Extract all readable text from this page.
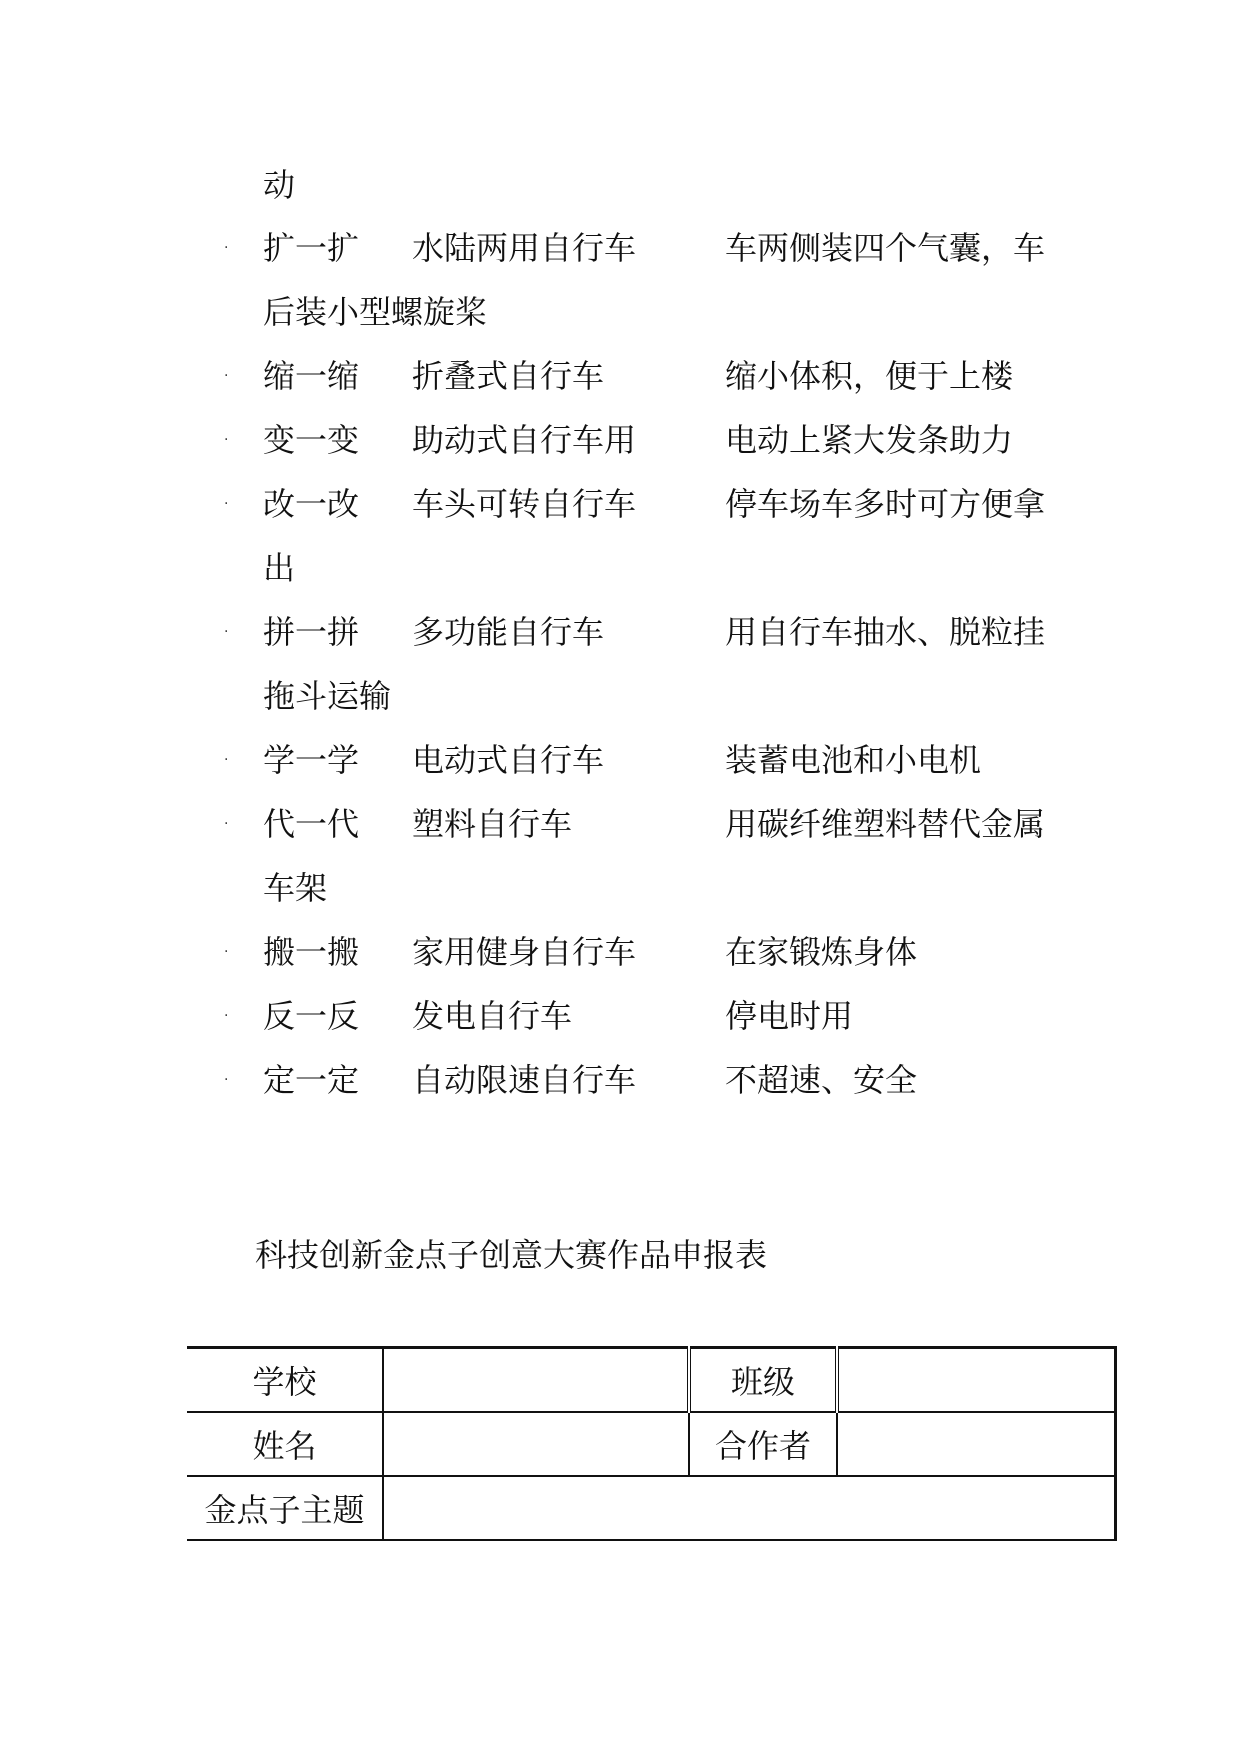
动
· 扩一扩 水陆两用自行车	车两侧装四个气囊，车
后装小型螺旋桨
· 缩一缩 折叠式自行车	缩小体积，便于上楼
· 变一变 助动式自行车用	电动上紧大发条助力
· 改一改 车头可转自行车	停车场车多时可方便拿
出
· 拼一拼 多功能自行车	用自行车抽水、脱粒挂
拖斗运输
· 学一学 电动式自行车	装蓄电池和小电机
· 代一代 塑料自行车	用碳纤维塑料替代金属
车架
· 搬一搬 家用健身自行车	在家锻炼身体
· 反一反 发电自行车	停电时用
· 定一定 自动限速自行车	不超速、安全
科技创新金点子创意大赛作品申报表
学校		班级	
姓名		合作者	
金点子主题			
